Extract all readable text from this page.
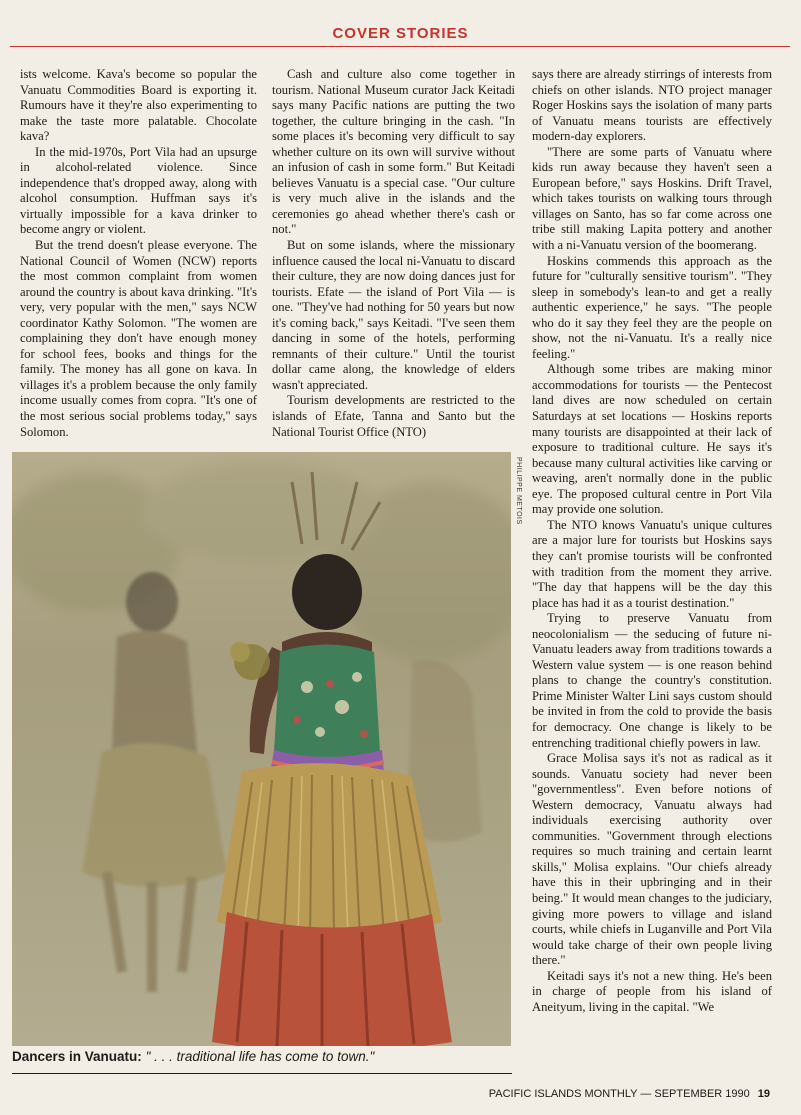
COVER STORIES

ists welcome. Kava's become so popular the Vanuatu Commodities Board is exporting it. Rumours have it they're also experimenting to make the taste more palatable. Chocolate kava?

In the mid-1970s, Port Vila had an upsurge in alcohol-related violence. Since independence that's dropped away, along with alcohol consumption. Huffman says it's virtually impossible for a kava drinker to become angry or violent.

But the trend doesn't please everyone. The National Council of Women (NCW) reports the most common complaint from women around the country is about kava drinking. "It's very, very popular with the men," says NCW coordinator Kathy Solomon. "The women are complaining they don't have enough money for school fees, books and things for the family. The money has all gone on kava. In villages it's a problem because the only family income usually comes from copra. "It's one of the most serious social problems today," says Solomon.

Cash and culture also come together in tourism. National Museum curator Jack Keitadi says many Pacific nations are putting the two together, the culture bringing in the cash. "In some places it's becoming very difficult to say whether culture on its own will survive without an infusion of cash in some form." But Keitadi believes Vanuatu is a special case. "Our culture is very much alive in the islands and the ceremonies go ahead whether there's cash or not."

But on some islands, where the missionary influence caused the local ni-Vanuatu to discard their culture, they are now doing dances just for tourists. Efate — the island of Port Vila — is one. "They've had nothing for 50 years but now it's coming back," says Keitadi. "I've seen them dancing in some of the hotels, performing remnants of their culture." Until the tourist dollar came along, the knowledge of elders wasn't appreciated.

Tourism developments are restricted to the islands of Efate, Tanna and Santo but the National Tourist Office (NTO)

says there are already stirrings of interests from chiefs on other islands. NTO project manager Roger Hoskins says the isolation of many parts of Vanuatu means tourists are effectively modern-day explorers.

"There are some parts of Vanuatu where kids run away because they haven't seen a European before," says Hoskins. Drift Travel, which takes tourists on walking tours through villages on Santo, has so far come across one tribe still making Lapita pottery and another with a ni-Vanuatu version of the boomerang.

Hoskins commends this approach as the future for "culturally sensitive tourism". "They sleep in somebody's lean-to and get a really authentic experience," he says. "The people who do it say they feel they are the people on show, not the ni-Vanuatu. It's a really nice feeling."

Although some tribes are making minor accommodations for tourists — the Pentecost land dives are now scheduled on certain Saturdays at set locations — Hoskins reports many tourists are disappointed at their lack of exposure to traditional culture. He says it's because many cultural activities like carving or weaving, aren't normally done in the public eye. The proposed cultural centre in Port Vila may provide one solution.

The NTO knows Vanuatu's unique cultures are a major lure for tourists but Hoskins says they can't promise tourists will be confronted with tradition from the moment they arrive. "The day that happens will be the day this place has had it as a tourist destination."

Trying to preserve Vanuatu from neocolonialism — the seducing of future ni-Vanuatu leaders away from traditions towards a Western value system — is one reason behind plans to change the country's constitution. Prime Minister Walter Lini says custom should be invited in from the cold to provide the basis for democracy. One change is likely to be entrenching traditional chiefly powers in law.

Grace Molisa says it's not as radical as it sounds. Vanuatu society had never been "governmentless". Even before notions of Western democracy, Vanuatu always had individuals exercising authority over communities. "Government through elections requires so much training and certain learnt skills," Molisa explains. "Our chiefs already have this in their upbringing and in their being." It would mean changes to the judiciary, giving more powers to village and island courts, while chiefs in Luganville and Port Vila would take charge of their own people living there."

Keitadi says it's not a new thing. He's been in charge of people from his island of Aneityum, living in the capital. "We

PHILIPPE METOIS
Dancers in Vanuatu: " . . . traditional life has come to town."
PACIFIC ISLANDS MONTHLY — SEPTEMBER 1990 19
